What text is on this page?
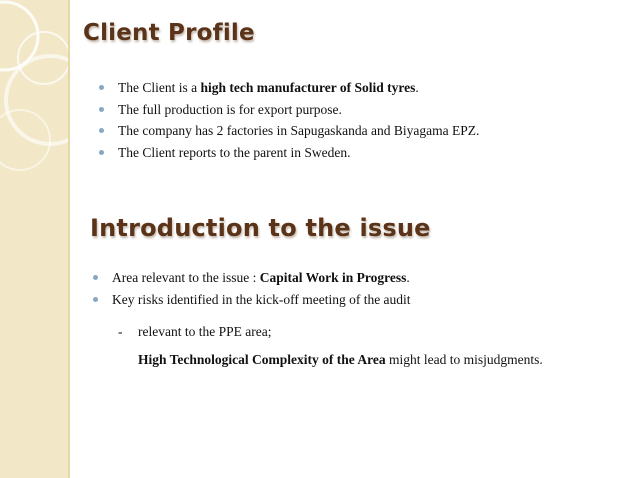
Client Profile
The Client is a high tech manufacturer of Solid tyres.
The full production is for export purpose.
The company has 2 factories in Sapugaskanda and Biyagama EPZ.
The Client reports to the parent in Sweden.
Introduction to the issue
Area relevant to the issue : Capital Work in Progress.
Key risks identified in the kick-off meeting of the audit
- relevant to the PPE area;
High Technological Complexity of the Area might lead to misjudgments.
